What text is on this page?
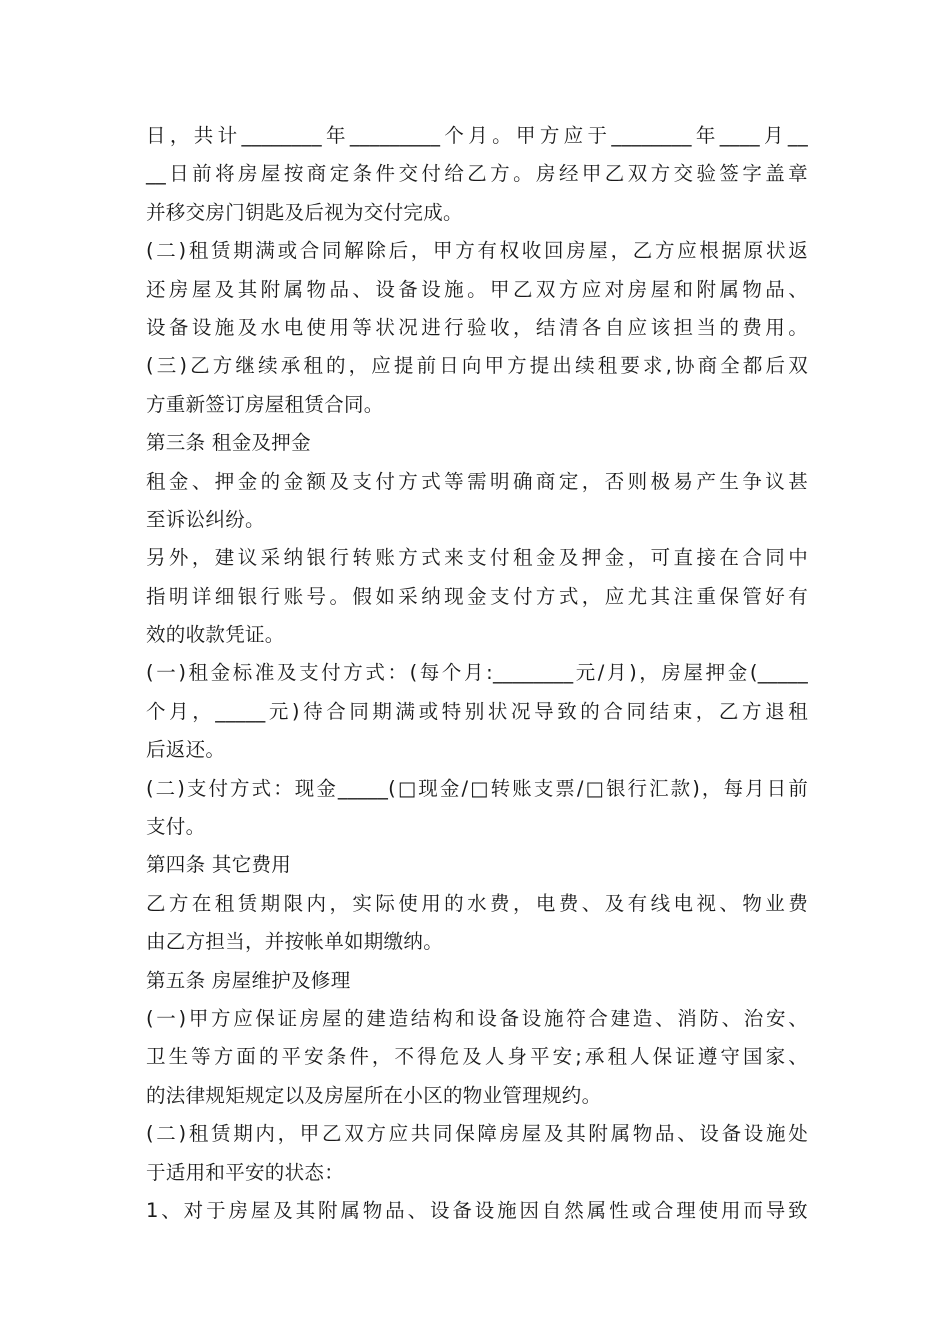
日，共计________年_________个月。甲方应于________年____月__
__日前将房屋按商定条件交付给乙方。房经甲乙双方交验签字盖章
并移交房门钥匙及后视为交付完成。
(二)租赁期满或合同解除后，甲方有权收回房屋，乙方应根据原状返
还房屋及其附属物品、设备设施。甲乙双方应对房屋和附属物品、
设备设施及水电使用等状况进行验收，结清各自应该担当的费用。
(三)乙方继续承租的，应提前日向甲方提出续租要求,协商全都后双
方重新签订房屋租赁合同。
第三条 租金及押金
租金、押金的金额及支付方式等需明确商定，否则极易产生争议甚
至诉讼纠纷。
另外，建议采纳银行转账方式来支付租金及押金，可直接在合同中
指明详细银行账号。假如采纳现金支付方式，应尤其注重保管好有
效的收款凭证。
(一)租金标准及支付方式：(每个月:________元/月)，房屋押金(_____
个月，_____元)待合同期满或特别状况导致的合同结束，乙方退租
后返还。
(二)支付方式：现金_____(□现金/□转账支票/□银行汇款)，每月日前
支付。
第四条 其它费用
乙方在租赁期限内，实际使用的水费，电费、及有线电视、物业费
由乙方担当，并按帐单如期缴纳。
第五条 房屋维护及修理
(一)甲方应保证房屋的建造结构和设备设施符合建造、消防、治安、
卫生等方面的平安条件，不得危及人身平安;承租人保证遵守国家、
的法律规矩规定以及房屋所在小区的物业管理规约。
(二)租赁期内，甲乙双方应共同保障房屋及其附属物品、设备设施处
于适用和平安的状态：
1、对于房屋及其附属物品、设备设施因自然属性或合理使用而导致
